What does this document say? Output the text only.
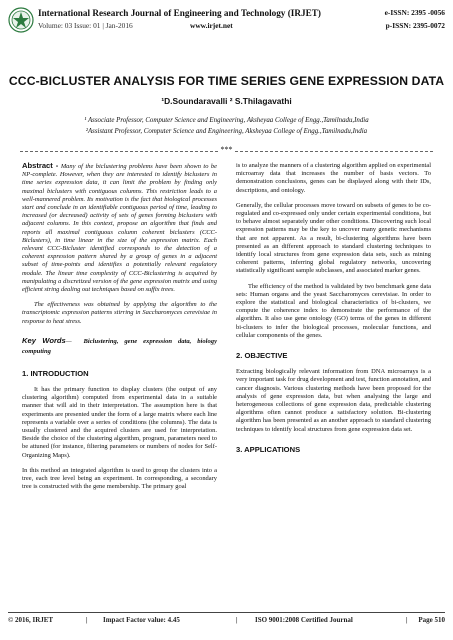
International Research Journal of Engineering and Technology (IRJET)
Volume: 03 Issue: 01 | Jan-2016	www.irjet.net
e-ISSN: 2395 -0056
p-ISSN: 2395-0072
CCC-BICLUSTER ANALYSIS FOR TIME SERIES GENE EXPRESSION DATA
¹D.Soundaravalli ² S.Thilagavathi
¹ Associate Professor, Computer Science and Engineering, Aksheyaa College of Engg.,Tamilnadu,India
²Assistant Professor, Computer Science and Engineering, Aksheyaa College of Engg.,Tamilnadu,India
***

Abstract - Many of the biclustering problems have been shown to be NP-complete. However, when they are interested in identify biclusters in time series expression data, it can limit the problem by finding only maximal biclusters with contiguous columns. This restriction leads to a well-mannered problem. Its motivation is the fact that biological processes start and conclude in an identifiable contiguous period of time, leading to increased (or decreased) activity of sets of genes forming biclusters with adjacent columns. In this context, propose an algorithm that finds and reports all maximal contiguous column coherent biclusters (CCC-Biclusters), in time linear in the size of the expression matrix. Each relevant CCC-Bicluster identified corresponds to the detection of a coherent expression pattern shared by a group of genes in a adjacent subset of time-points and identifies a potentially relevant regulatory module. The linear time complexity of CCC-Biclustering is acquired by manipulating a discretized version of the gene expression matrix and using efficient string dealing out techniques based on suffix trees.

The effectiveness was obtained by applying the algorithm to the transcriptomic expression patterns stirring in Saccharomyces cerevisiae in response to heat stress.

Key Words—  Biclustering, gene expression data, biology computing

1. INTRODUCTION

It has the primary function to display clusters (the output of any clustering algorithm) computed from experimental data in a suitable manner that will aid in their interpretation. The assumption here is that experiments are presented under the form of a large matrix where each line represents a variable over a series of conditions (the columns). The data is usually clustered and the acquired clusters are used for interpretation. Beside the choice of the clustering algorithm, program, parameters need to be attuned (for instance, filtering parameters or numbers of nodes for Self-Organizing Maps).

In this method an integrated algorithm is used to group the clusters into a tree, each tree level being an experiment. In corresponding, a secondary tree is constructed with the gene membership. The primary goal

is to analyze the manners of a clustering algorithm applied on experimental microarray data that increases the number of basis vectors. To demonstration conclusions, genes can be displayed along with their IDs, descriptions, and ontology.

Generally, the cellular processes move toward on subsets of genes to be co-regulated and co-expressed only under certain experimental conditions, but to behave almost separately under other conditions. Discovering such local expression patterns may be the key to uncover many genetic mechanisms that are not apparent. As a result, bi-clustering algorithms have been presented as an different approach to standard clustering techniques to identify local structures from gene expression data sets, such as mining coherent patterns, inferring global regulatory networks, uncovering statistically significant sample subclasses, and associated marker genes.

The efficiency of the method is validated by two benchmark gene data sets: Human organs and the yeast Saccharomyces cerevisiae. In order to explore the statistical and biological characteristics of bi-clusters, we compute the coherence index to demonstrate the performance of the algorithm. It also use gene ontology (GO) terms of the genes in different bi-clusters to infer the biological processes, molecular functions, and cellular components of the genes.

2. OBJECTIVE

Extracting biologically relevant information from DNA microarrays is a very important task for drug development and test, function annotation, and cancer diagnosis. Various clustering methods have been proposed for the analysis of gene expression data, but when analysing the large and heterogeneous collections of gene expression data, predictable clustering algorithms often cannot produce a satisfactory solution. Bi-clustering algorithm has been presented as an another approach to standard clustering techniques to identify local structures from gene expression data set.

3. APPLICATIONS
© 2016, IRJET	| Impact Factor value: 4.45	| ISO 9001:2008 Certified Journal	| Page 510
